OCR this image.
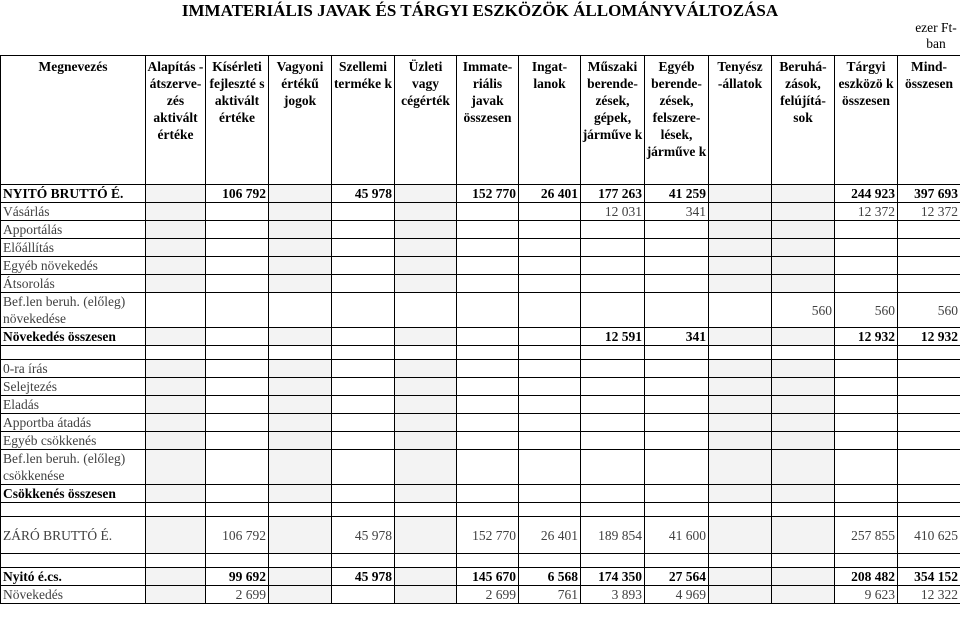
IMMATERIÁLIS JAVAK ÉS TÁRGYI ESZKÖZÖK ÁLLOMÁNYVÁLTOZÁSA
ezer Ft-ban
Megnevezés	Alapítás - átszerve-zés aktivált értéke	Kísérleti fejleszté s aktivált értéke	Vagyoni értékű jogok	Szellemi terméke k	Üzleti vagy cégérték	Immate-riális javak összesen	Ingat-lanok	Műszaki berende-zések, gépek, járműve k	Egyéb berende-zések, felszere-lések, járműve k	Tenyész -állatok	Beruhá-zások, felújítá-sok	Tárgyi eszközö k összesen	Mind-összesen
NYITÓ BRUTTÓ É.		106 792		45 978		152 770	26 401	177 263	41 259			244 923	397 693
Vásárlás								12 031	341			12 372	12 372
Apportálás													
Előállítás													
Egyéb növekedés													
Átsorolás													
Bef.len beruh. (előleg) növekedése											560	560	560
Növekedés összesen								12 591	341			12 932	12 932

0-ra írás													
Selejtezés													
Eladás													
Apportba átadás													
Egyéb csökkenés													
Bef.len beruh. (előleg) csökkenése													
Csökkenés összesen													

ZÁRÓ BRUTTÓ É.		106 792		45 978		152 770	26 401	189 854	41 600			257 855	410 625

Nyitó é.cs.		99 692		45 978		145 670	6 568	174 350	27 564			208 482	354 152
Növekedés		2 699				2 699	761	3 893	4 969			9 623	12 322
